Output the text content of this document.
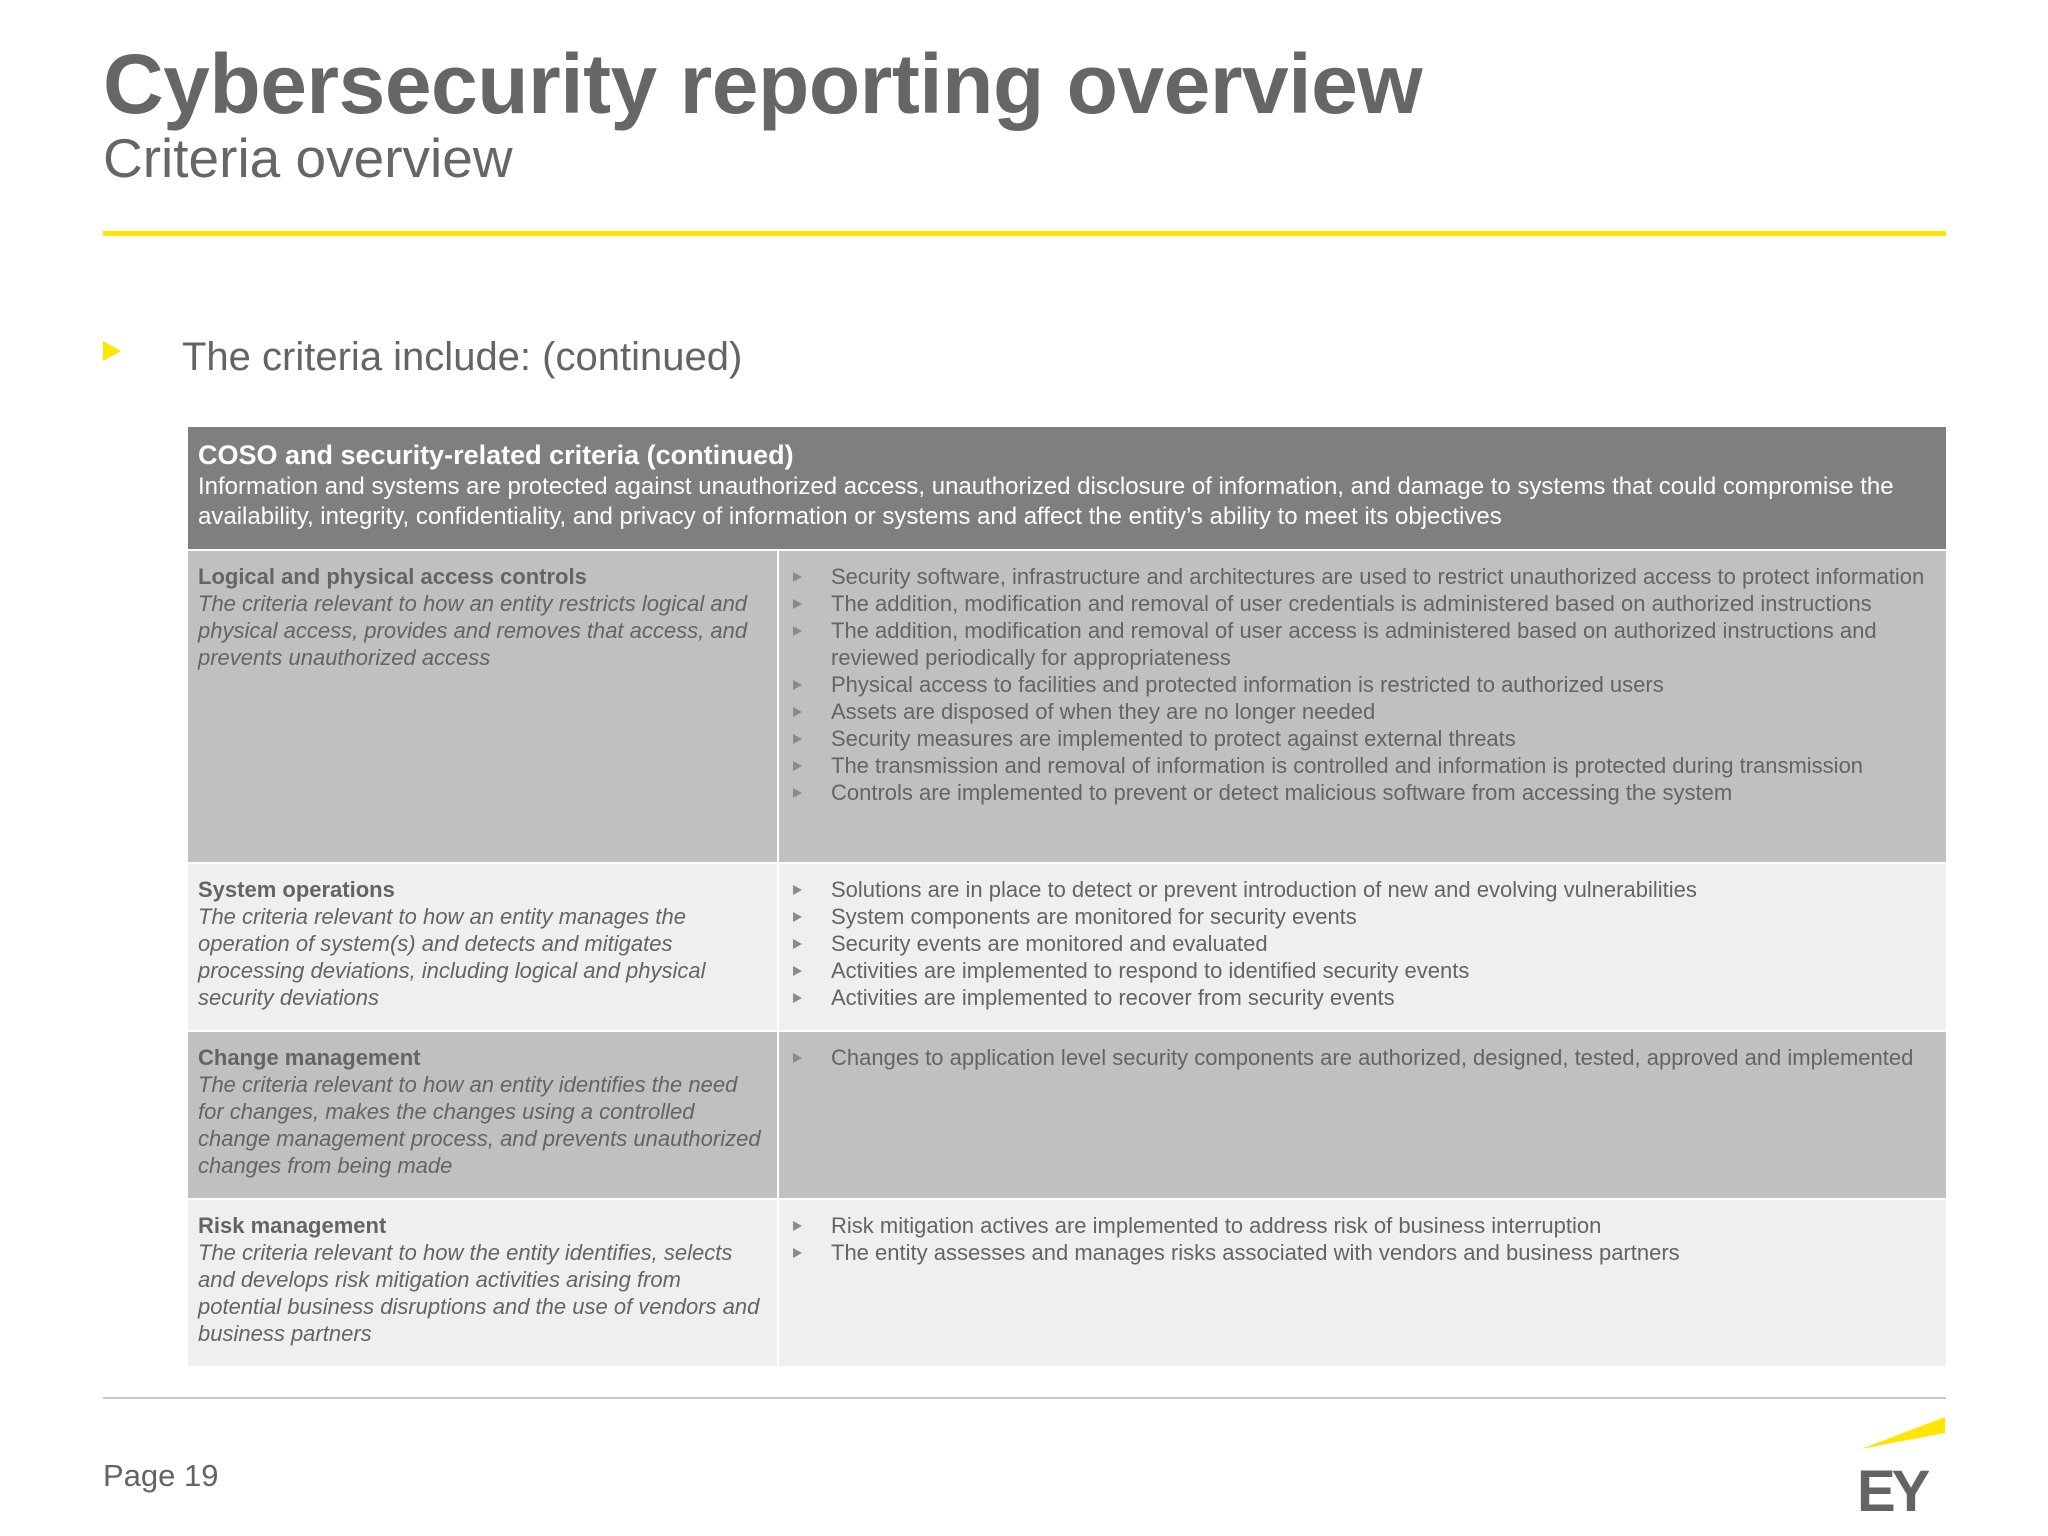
Cybersecurity reporting overview
Criteria overview
The criteria include: (continued)
COSO and security-related criteria (continued)
Information and systems are protected against unauthorized access, unauthorized disclosure of information, and damage to systems that could compromise the availability, integrity, confidentiality, and privacy of information or systems and affect the entity’s ability to meet its objectives
Logical and physical access controls
The criteria relevant to how an entity restricts logical and physical access, provides and removes that access, and prevents unauthorized access
Security software, infrastructure and architectures are used to restrict unauthorized access to protect information
The addition, modification and removal of user credentials is administered based on authorized instructions
The addition, modification and removal of user access is administered based on authorized instructions and reviewed periodically for appropriateness
Physical access to facilities and protected information is restricted to authorized users
Assets are disposed of when they are no longer needed
Security measures are implemented to protect against external threats
The transmission and removal of information is controlled and information is protected during transmission
Controls are implemented to prevent or detect malicious software from accessing the system
System operations
The criteria relevant to how an entity manages the operation of system(s) and detects and mitigates processing deviations, including logical and physical security deviations
Solutions are in place to detect or prevent introduction of new and evolving vulnerabilities
System components are monitored for security events
Security events are monitored and evaluated
Activities are implemented to respond to identified security events
Activities are implemented to recover from security events
Change management
The criteria relevant to how an entity identifies the need for changes, makes the changes using a controlled change management process, and prevents unauthorized changes from being made
Changes to application level security components are authorized, designed, tested, approved and implemented
Risk management
The criteria relevant to how the entity identifies, selects and develops risk mitigation activities arising from potential business disruptions and the use of vendors and business partners
Risk mitigation actives are implemented to address risk of business interruption
The entity assesses and manages risks associated with vendors and business partners
Page 19	EY
